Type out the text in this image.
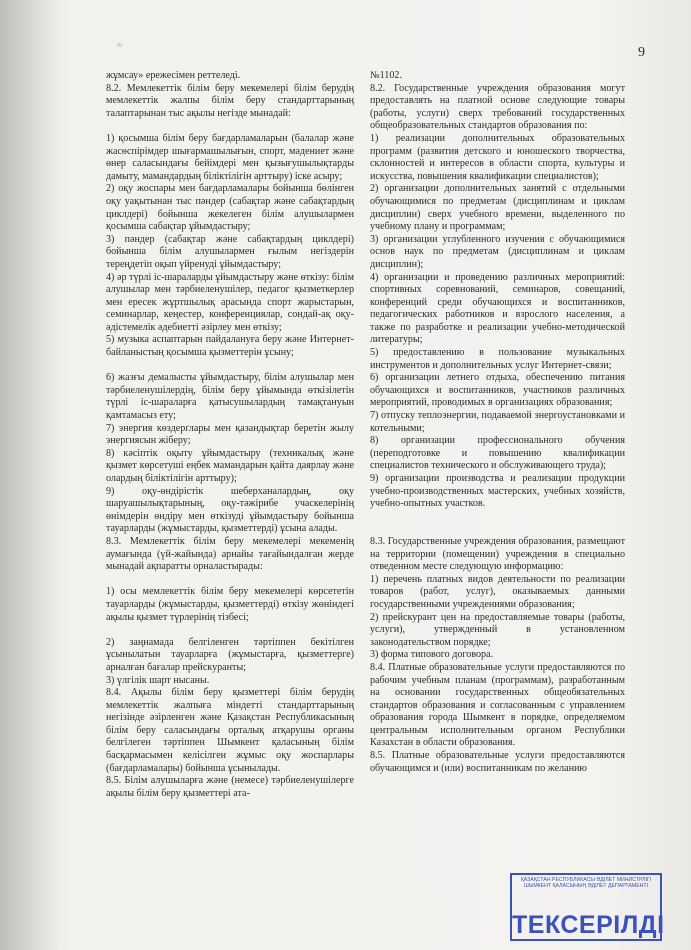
≈	9

жұмсау» ережесімен реттеледі.

8.2. Мемлекеттік білім беру мекемелері білім берудің мемлекеттік жалпы білім беру стандарттарының талаптарынан тыс ақылы негізде мынадай:

1) қосымша білім беру бағдарламаларын (балалар және жасөспірімдер шығармашылығын, спорт, мәдениет және өнер саласындағы бейімдері мен қызығушылықтарды дамыту, мамандардың біліктілігін арттыру) іске асыру;

2) оқу жоспары мен бағдарламалары бойынша бөлінген оқу уақытынан тыс пәндер (сабақтар және сабақтардың циклдері) бойынша жекелеген білім алушылармен қосымша сабақтар ұйымдастыру;

3) пәндер (сабақтар және сабақтардың циклдері) бойынша білім алушылармен ғылым негіздерін тереңдетіп оқып үйренуді ұйымдастыру;

4) әр түрлі іс-шараларды ұйымдастыру және өткізу: білім алушылар мен тәрбиеленушілер, педагог қызметкерлер мен ересек жұртшылық арасында спорт жарыстарын, семинарлар, кеңестер, конференциялар, сондай-ақ оқу-әдістемелік әдебиетті әзірлеу мен өткізу;

5) музыка аспаптарын пайдалануға беру және Интернет-байланыстың қосымша қызметтерін ұсыну;

6) жазғы демалысты ұйымдастыру, білім алушылар мен тәрбиеленушілердің, білім беру ұйымында өткізілетін түрлі іс-шараларға қатысушылардың тамақтануын қамтамасыз ету;

7) энергия көздерґлары мен қазандықтар беретін жылу энергиясын жіберу;

8) кәсіптік оқыту ұйымдастыру (техникалық және қызмет көрсетуші еңбек мамандарын қайта даярлау және олардың біліктілігін арттыру);

9) оқу-өндірістік шеберханалардың, оқу шаруашылықтарының, оқу-тәжірибе учаскелерінің өнімдерін өндіру мен өткізуді ұйымдастыру бойынша тауарларды (жұмыстарды, қызметтерді) ұсына алады.

8.3. Мемлекеттік білім беру мекемелері мекеменің аумағында (үй-жайында) арнайы тағайындалған жерде мынадай ақпаратты орналастырады:

1) осы мемлекеттік білім беру мекемелері көрсететін тауарларды (жұмыстарды, қызметтерді) өткізу жөніндегі ақылы қызмет түрлерінің тізбесі;

2) заңнамада белгіленген тәртіппен бекітілген ұсынылатын тауарларға (жұмыстарға, қызметтерге) арналған бағалар прейскуранты;

3) үлгілік шарт нысаны.

8.4. Ақылы білім беру қызметтері білім берудің мемлекеттік жалпыға міндетті стандарттарының негізінде әзірленген және Қазақстан Республикасының білім беру саласындағы орталық атқарушы органы белгілеген тәртіппен Шымкент қаласының білім басқармасымен келісілген жұмыс оқу жоспарлары (бағдарламалары) бойынша ұсынылады.

8.5. Білім алушыларға және (немесе) тәрбиеленушілерге ақылы білім беру қызметтері ата-

№1102.

8.2. Государственные учреждения образования могут предоставлять на платной основе следующие товары (работы, услуги) сверх требований государственных общеобразовательных стандартов образования по:

1) реализации дополнительных образовательных программ (развития детского и юношеского творчества, склонностей и интересов в области спорта, культуры и искусства, повышения квалификации специалистов);

2) организации дополнительных занятий с отдельными обучающимися по предметам (дисциплинам и циклам дисциплин) сверх учебного времени, выделенного по учебному плану и программам;

3) организации углубленного изучения с обучающимися основ наук по предметам (дисциплинам и циклам дисциплин);

4) организации и проведению различных мероприятий: спортивных соревнований, семинаров, совещаний, конференций среди обучающихся и воспитанников, педагогических работников и взрослого населения, а также по разработке и реализации учебно-методической литературы;

5) предоставлению в пользование музыкальных инструментов и дополнительных услуг Интернет-связи;

6) организации летнего отдыха, обеспечению питания обучающихся и воспитанников, участников различных мероприятий, проводимых в организациях образования;

7) отпуску теплоэнергии, подаваемой энергоустановками и котельными;

8) организации профессионального обучения (переподготовке и повышению квалификации специалистов технического и обслуживающего труда);

9) организации производства и реализации продукции учебно-производственных мастерских, учебных хозяйств, учебно-опытных участков.

8.3. Государственные учреждения образования, размещают на территории (помещении) учреждения в специально отведенном месте следующую информацию:

1) перечень платных видов деятельности по реализации товаров (работ, услуг), оказываемых данными государственными учреждениями образования;

2) прейскурант цен на предоставляемые товары (работы, услуги), утвержденный в установленном законодательством порядке;

3) форма типового договора.

8.4. Платные образовательные услуги предоставляются по рабочим учебным планам (программам), разработанным на основании государственных общеобязательных стандартов образования и согласованным с управлением образования города Шымкент в порядке, определяемом центральным исполнительным органом Республики Казахстан в области образования.

8.5. Платные образовательные услуги предоставляются обучающимся и (или) воспитанникам по желанию

ҚАЗАҚСТАН РЕСПУБЛИКАСЫ ӘДІЛЕТ МИНИСТРЛІГІ ШЫМКЕНТ ҚАЛАСЫНЫҢ ӘДІЛЕТ ДЕПАРТАМЕНТІ
ТЕКСЕРІЛДІ
